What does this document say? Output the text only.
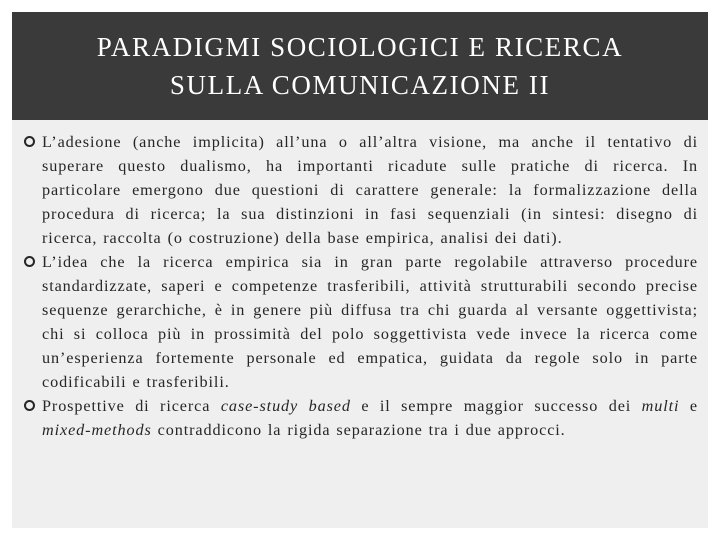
PARADIGMI SOCIOLOGICI E RICERCA
SULLA COMUNICAZIONE II

L’adesione (anche implicita) all’una o all’altra visione, ma anche il tentativo di superare questo dualismo, ha importanti ricadute sulle pratiche di ricerca. In particolare emergono due questioni di carattere generale: la formalizzazione della procedura di ricerca; la sua distinzioni in fasi sequenziali (in sintesi: disegno di ricerca, raccolta (o costruzione) della base empirica, analisi dei dati).

L’idea che la ricerca empirica sia in gran parte regolabile attraverso procedure standardizzate, saperi e competenze trasferibili, attività strutturabili secondo precise sequenze gerarchiche, è in genere più diffusa tra chi guarda al versante oggettivista; chi si colloca più in prossimità del polo soggettivista vede invece la ricerca come un’esperienza fortemente personale ed empatica, guidata da regole solo in parte codificabili e trasferibili.

Prospettive di ricerca case-study based e il sempre maggior successo dei multi e mixed-methods contraddicono la rigida separazione tra i due approcci.
